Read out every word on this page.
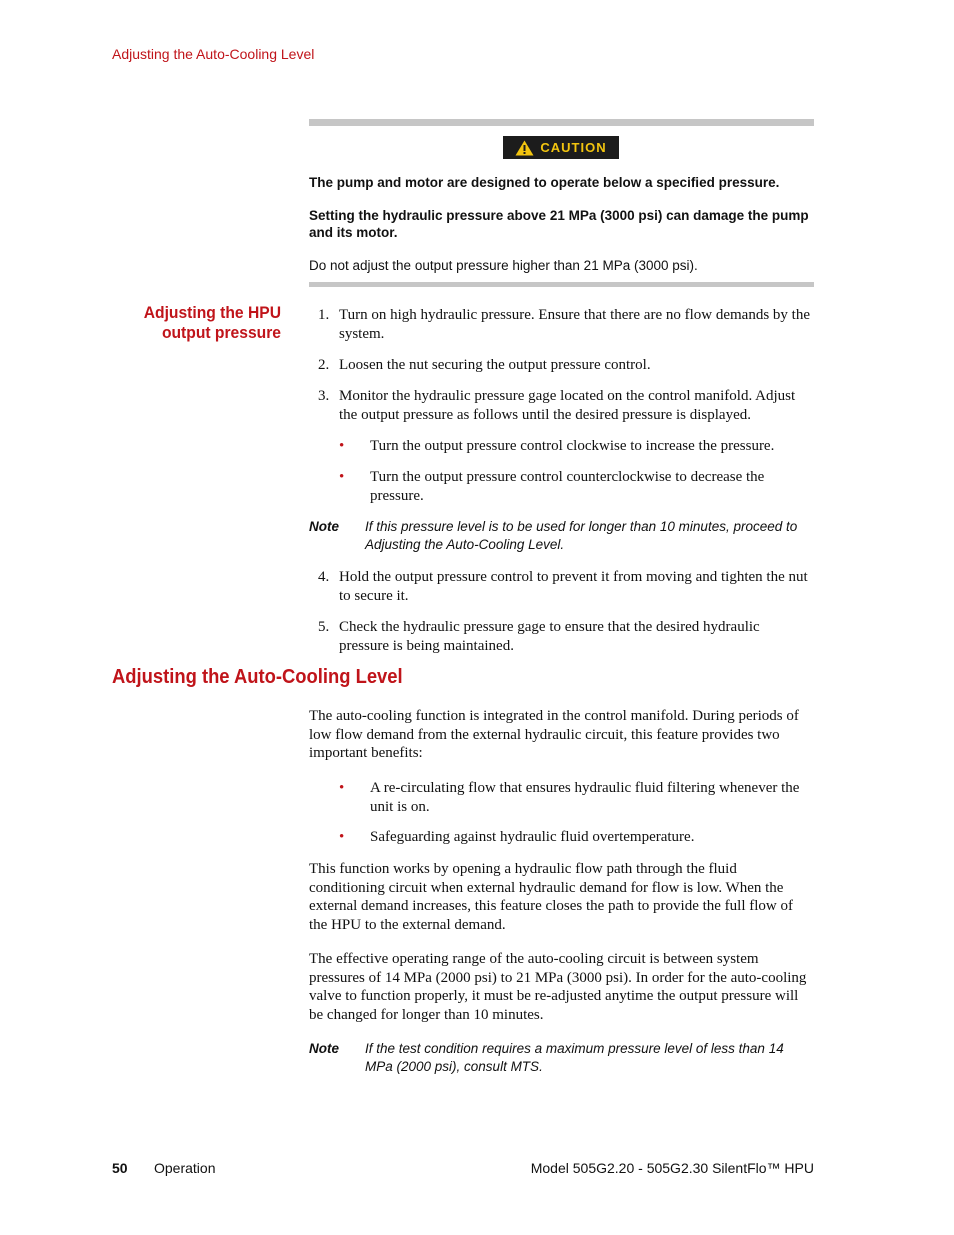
Adjusting the Auto-Cooling Level
CAUTION
The pump and motor are designed to operate below a specified pressure.
Setting the hydraulic pressure above 21 MPa (3000 psi) can damage the pump and its motor.
Do not adjust the output pressure higher than 21 MPa (3000 psi).
Adjusting the HPU output pressure
1. Turn on high hydraulic pressure. Ensure that there are no flow demands by the system.
2. Loosen the nut securing the output pressure control.
3. Monitor the hydraulic pressure gage located on the control manifold. Adjust the output pressure as follows until the desired pressure is displayed.
• Turn the output pressure control clockwise to increase the pressure.
• Turn the output pressure control counterclockwise to decrease the pressure.
Note If this pressure level is to be used for longer than 10 minutes, proceed to Adjusting the Auto-Cooling Level.
4. Hold the output pressure control to prevent it from moving and tighten the nut to secure it.
5. Check the hydraulic pressure gage to ensure that the desired hydraulic pressure is being maintained.
Adjusting the Auto-Cooling Level
The auto-cooling function is integrated in the control manifold. During periods of low flow demand from the external hydraulic circuit, this feature provides two important benefits:
• A re-circulating flow that ensures hydraulic fluid filtering whenever the unit is on.
• Safeguarding against hydraulic fluid overtemperature.
This function works by opening a hydraulic flow path through the fluid conditioning circuit when external hydraulic demand for flow is low. When the external demand increases, this feature closes the path to provide the full flow of the HPU to the external demand.
The effective operating range of the auto-cooling circuit is between system pressures of 14 MPa (2000 psi) to 21 MPa (3000 psi). In order for the auto-cooling valve to function properly, it must be re-adjusted anytime the output pressure will be changed for longer than 10 minutes.
Note If the test condition requires a maximum pressure level of less than 14 MPa (2000 psi), consult MTS.
50 Operation	Model 505G2.20 - 505G2.30 SilentFlo™ HPU
